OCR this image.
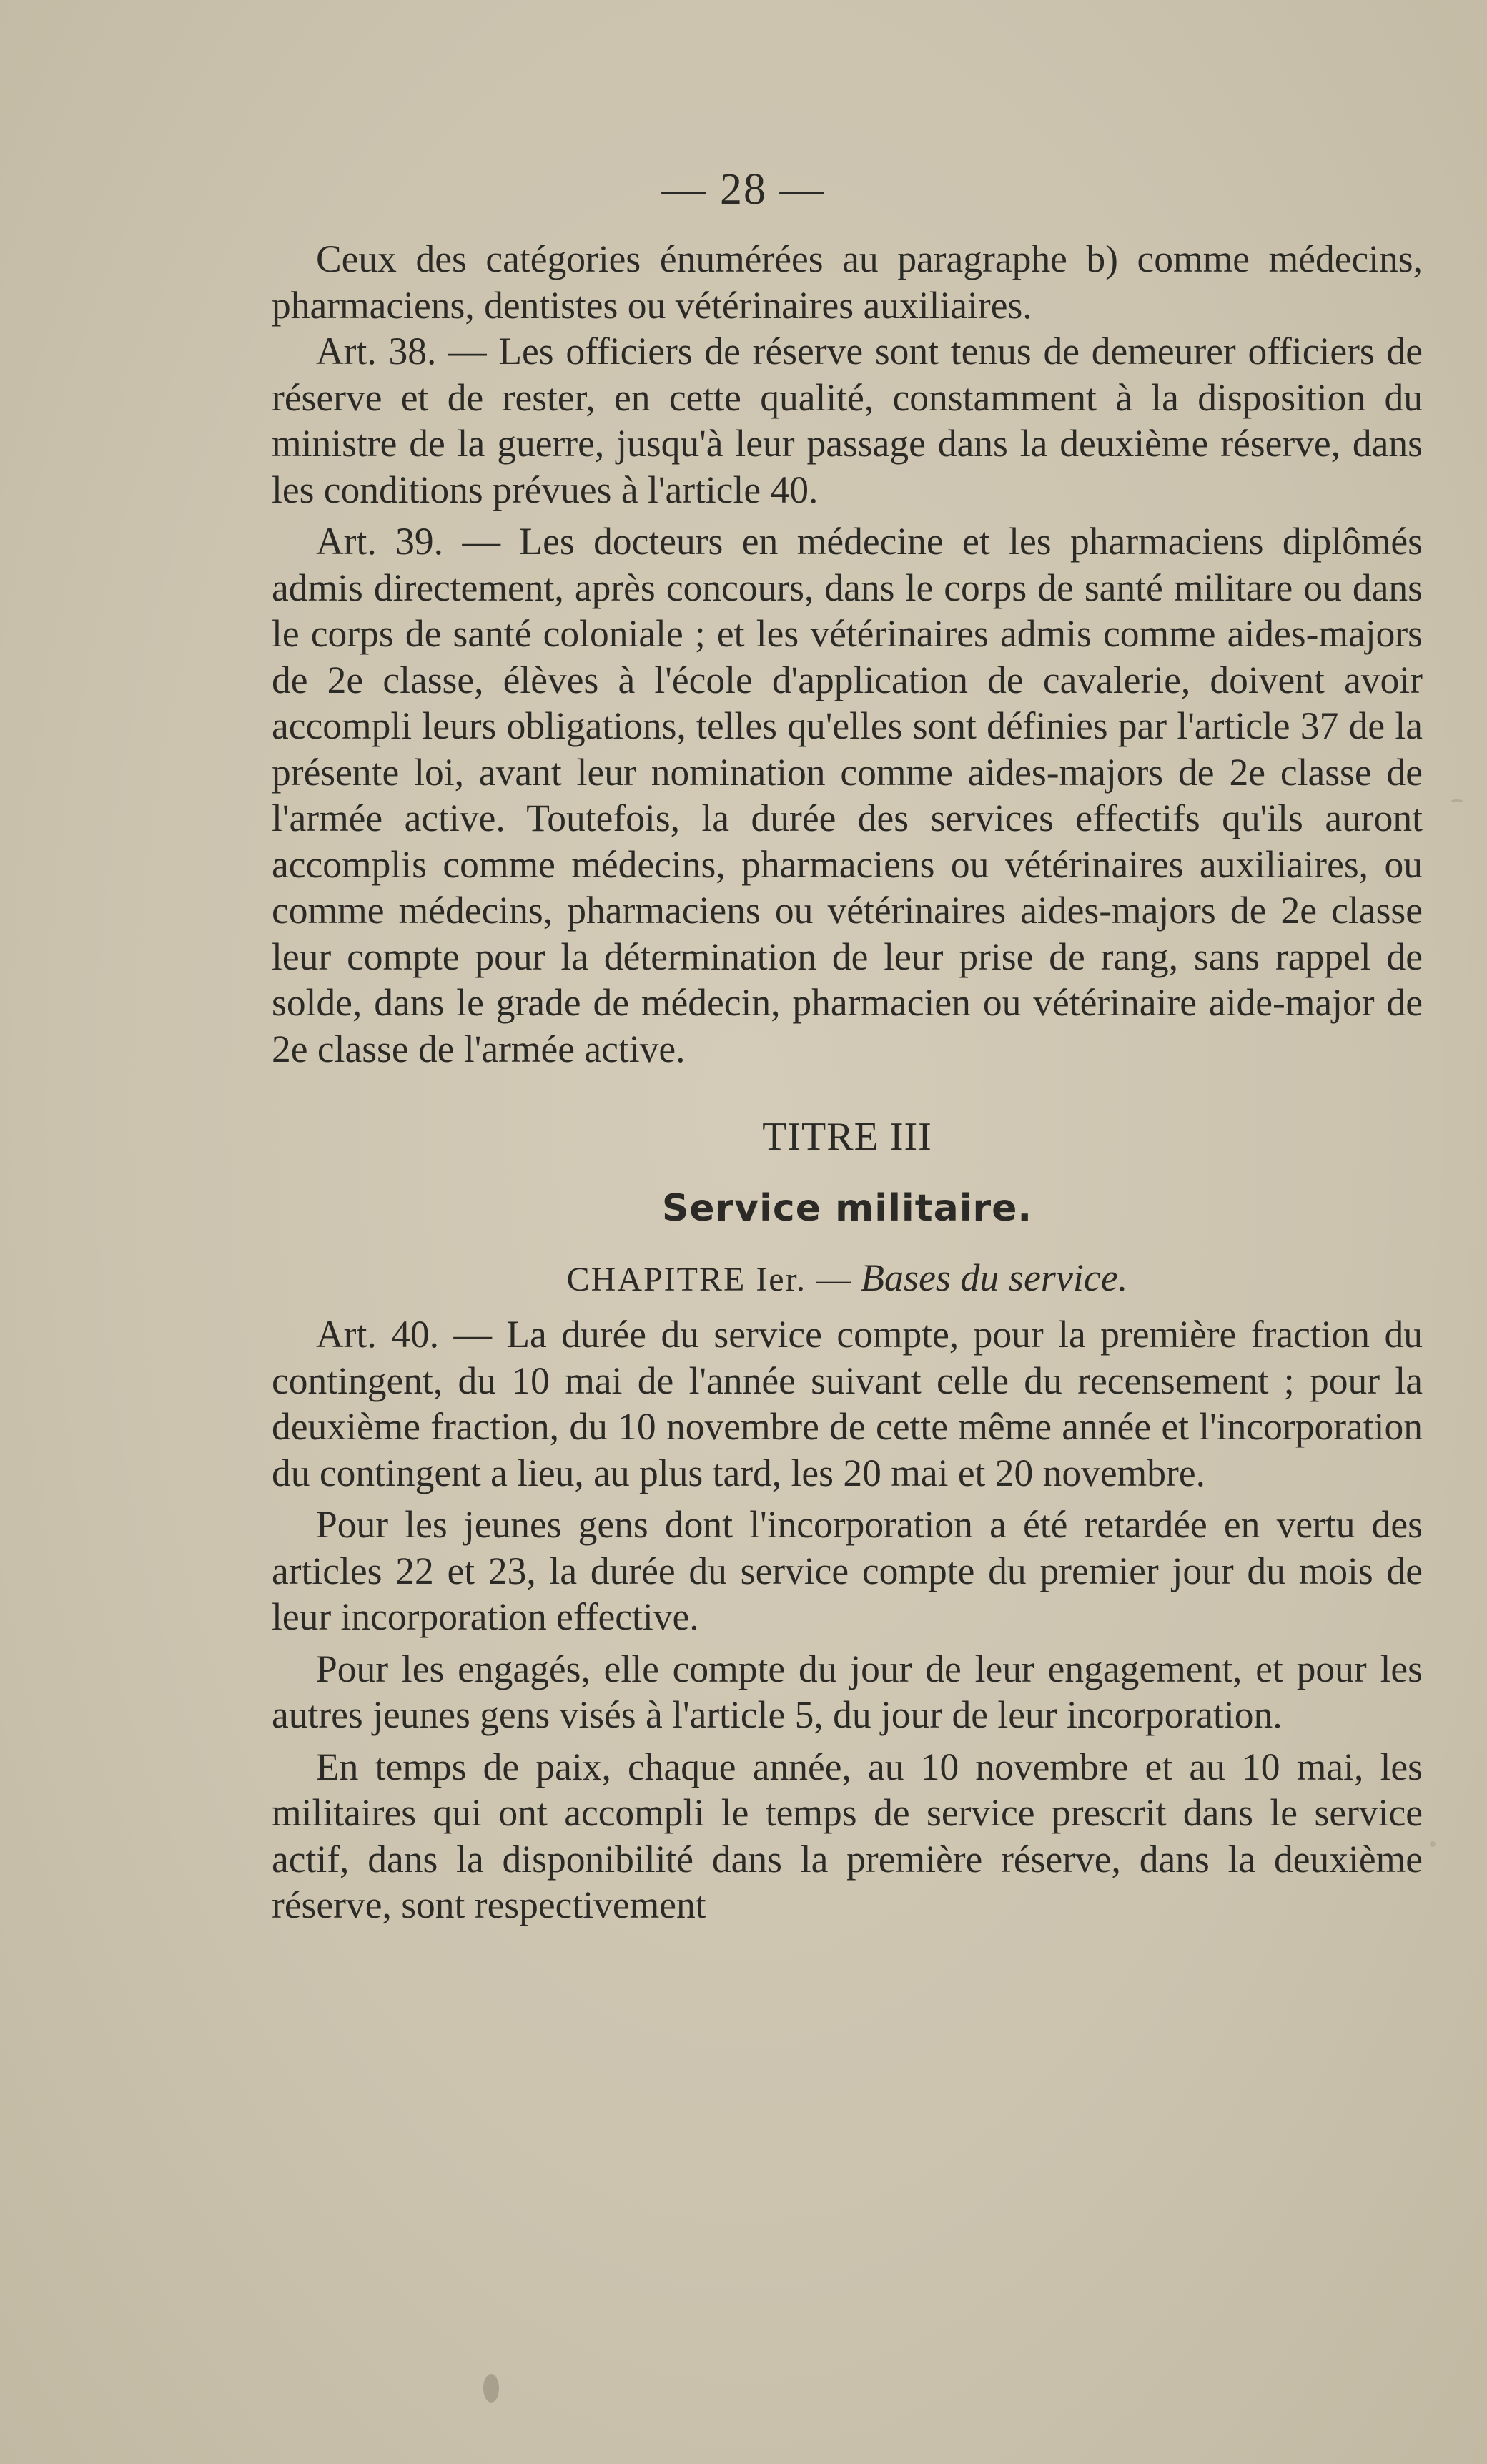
— 28 —

Ceux des catégories énumérées au paragraphe b) comme médecins, pharmaciens, dentistes ou vétérinaires auxiliaires.

Art. 38. — Les officiers de réserve sont tenus de demeurer officiers de réserve et de rester, en cette qualité, constamment à la disposition du ministre de la guerre, jusqu'à leur passage dans la deuxième réserve, dans les conditions prévues à l'article 40.

Art. 39. — Les docteurs en médecine et les pharmaciens diplômés admis directement, après concours, dans le corps de santé militare ou dans le corps de santé coloniale ; et les vétérinaires admis comme aides-majors de 2e classe, élèves à l'école d'application de cavalerie, doivent avoir accompli leurs obligations, telles qu'elles sont définies par l'article 37 de la présente loi, avant leur nomination comme aides-majors de 2e classe de l'armée active. Toutefois, la durée des services effectifs qu'ils auront accomplis comme médecins, pharmaciens ou vétérinaires auxiliaires, ou comme médecins, pharmaciens ou vétérinaires aides-majors de 2e classe leur compte pour la détermination de leur prise de rang, sans rappel de solde, dans le grade de médecin, pharmacien ou vétérinaire aide-major de 2e classe de l'armée active.

TITRE III

Service militaire.

CHAPITRE Ier. — Bases du service.

Art. 40. — La durée du service compte, pour la première fraction du contingent, du 10 mai de l'année suivant celle du recensement ; pour la deuxième fraction, du 10 novembre de cette même année et l'incorporation du contingent a lieu, au plus tard, les 20 mai et 20 novembre.

Pour les jeunes gens dont l'incorporation a été retardée en vertu des articles 22 et 23, la durée du service compte du premier jour du mois de leur incorporation effective.

Pour les engagés, elle compte du jour de leur engagement, et pour les autres jeunes gens visés à l'article 5, du jour de leur incorporation.

En temps de paix, chaque année, au 10 novembre et au 10 mai, les militaires qui ont accompli le temps de service prescrit dans le service actif, dans la disponibilité dans la première réserve, dans la deuxième réserve, sont respectivement
